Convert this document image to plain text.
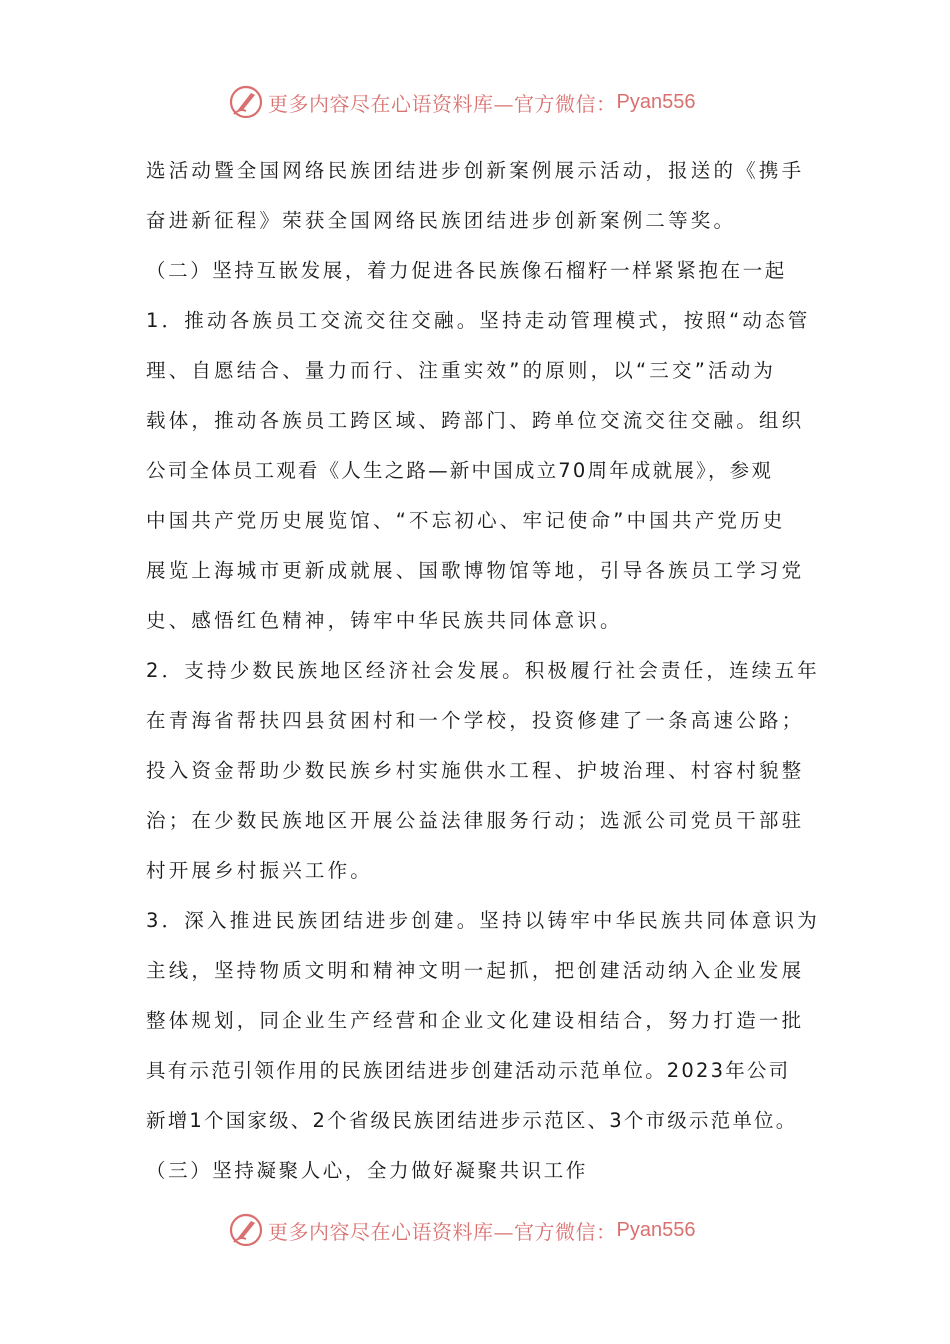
更多内容尽在心语资料库—官方微信： Pyan556
选活动暨全国网络民族团结进步创新案例展示活动，报送的《携手
奋进新征程》荣获全国网络民族团结进步创新案例二等奖。
（二）坚持互嵌发展，着力促进各民族像石榴籽一样紧紧抱在一起
1．推动各族员工交流交往交融。坚持走动管理模式，按照“动态管
理、自愿结合、量力而行、注重实效”的原则，以“三交”活动为
载体，推动各族员工跨区域、跨部门、跨单位交流交往交融。组织
公司全体员工观看《人生之路—新中国成立70周年成就展》，参观
中国共产党历史展览馆、“不忘初心、牢记使命”中国共产党历史
展览上海城市更新成就展、国歌博物馆等地，引导各族员工学习党
史、感悟红色精神，铸牢中华民族共同体意识。
2．支持少数民族地区经济社会发展。积极履行社会责任，连续五年
在青海省帮扶四县贫困村和一个学校，投资修建了一条高速公路；
投入资金帮助少数民族乡村实施供水工程、护坡治理、村容村貌整
治；在少数民族地区开展公益法律服务行动；选派公司党员干部驻
村开展乡村振兴工作。
3．深入推进民族团结进步创建。坚持以铸牢中华民族共同体意识为
主线，坚持物质文明和精神文明一起抓，把创建活动纳入企业发展
整体规划，同企业生产经营和企业文化建设相结合，努力打造一批
具有示范引领作用的民族团结进步创建活动示范单位。2023年公司
新增1个国家级、2个省级民族团结进步示范区、3个市级示范单位。
（三）坚持凝聚人心，全力做好凝聚共识工作
更多内容尽在心语资料库—官方微信： Pyan556
